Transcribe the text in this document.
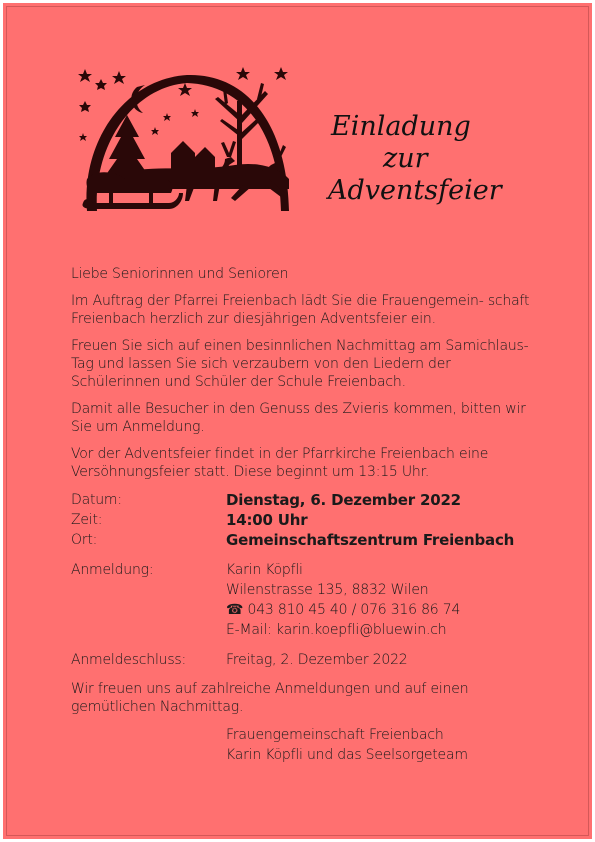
Einladung
zur
Adventsfeier

Liebe Seniorinnen und Senioren

Im Auftrag der Pfarrei Freienbach lädt Sie die Frauengemein- schaft Freienbach herzlich zur diesjährigen Adventsfeier ein.

Freuen Sie sich auf einen besinnlichen Nachmittag am Samichlaus-Tag und lassen Sie sich verzaubern von den Liedern der Schülerinnen und Schüler der Schule Freienbach.

Damit alle Besucher in den Genuss des Zvieris kommen, bitten wir Sie um Anmeldung.

Vor der Adventsfeier findet in der Pfarrkirche Freienbach eine Versöhnungsfeier statt. Diese beginnt um 13:15 Uhr.

Datum:	Dienstag, 6. Dezember 2022
Zeit:	14:00 Uhr
Ort:	Gemeinschaftszentrum Freienbach
Anmeldung:	Karin Köpfli
Wilenstrasse 135, 8832 Wilen
☎ 043 810 45 40 / 076 316 86 74
E-Mail: karin.koepfli@bluewin.ch
Anmeldeschluss:	Freitag, 2. Dezember 2022

Wir freuen uns auf zahlreiche Anmeldungen und auf einen gemütlichen Nachmittag.

Frauengemeinschaft Freienbach
Karin Köpfli und das Seelsorgeteam
